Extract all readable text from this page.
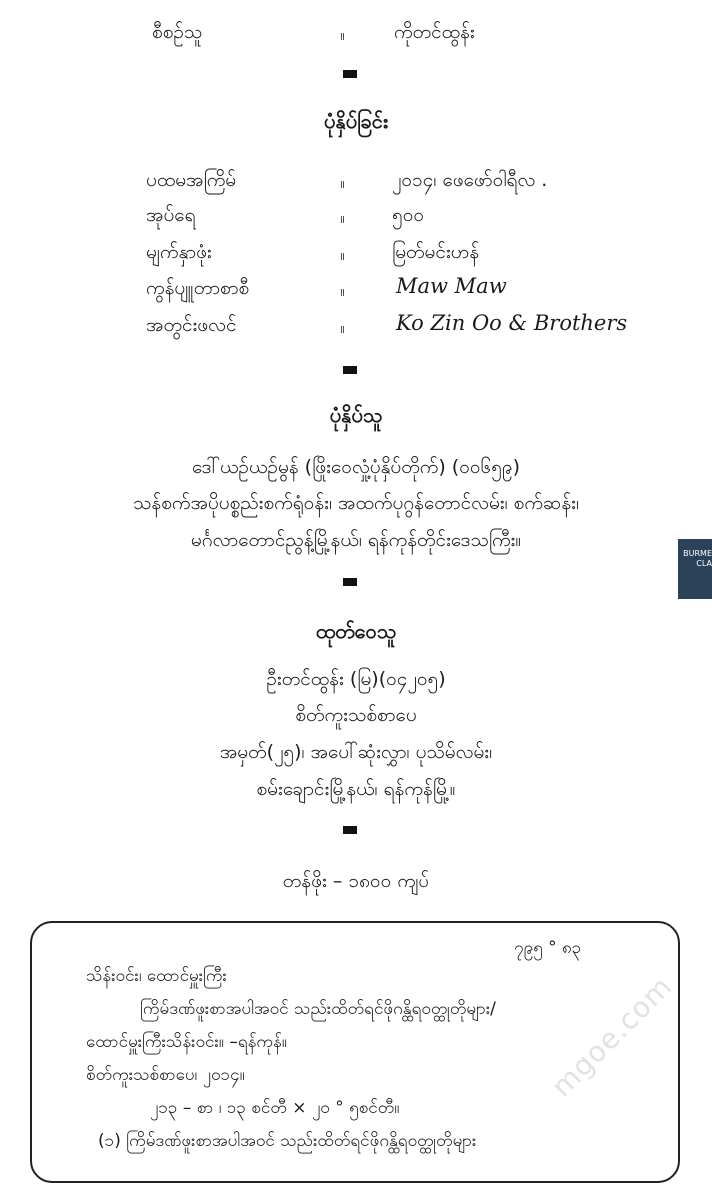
စီစဉ်သူ	။	ကိုတင်ထွန်း
ပုံနှိပ်ခြင်း
ပထမအကြိမ်	။ ၂၀၁၄၊ ဖေဖော်ဝါရီလ .
အုပ်ရေ	။ ၅၀၀
မျက်နှာဖုံး	။ မြတ်မင်းဟန်
ကွန်ပျူတာစာစီ	။ Maw Maw
အတွင်းဖလင်	။ Ko Zin Oo & Brothers
ပုံနှိပ်သူ
ဒေါ်ယဉ်ယဉ်မွန် (ဖြိုးဝေလှုံ့ပုံနှိပ်တိုက်) (၀၀၆၅၉)
သန်စက်အပိုပစ္စည်းစက်ရုံဝန်း၊ အထက်ပုဂွန်တောင်လမ်း၊ စက်ဆန်း၊
မင်္ဂလာတောင်ညွန့်မြို့နယ်၊ ရန်ကုန်တိုင်းဒေသကြီး။
ထုတ်ဝေသူ
ဦးတင်ထွန်း (မြ)(၀၄၂၀၅)
စိတ်ကူးသစ်စာပေ
အမှတ်(၂၅)၊ အပေါ်ဆုံးလွှာ၊ ပုသိမ်လမ်း၊
စမ်းချောင်းမြို့နယ်၊ ရန်ကုန်မြို့။
တန်ဖိုး – ၁၈၀၀ ကျပ်
BURME
CLA
၇၉၅ ° ၈၃
သိန်းဝင်း၊ ထောင်မှူးကြီး
ကြိမ်ဒဏ်ဖူးစာအပါအဝင် သည်းထိတ်ရင်ဖိုဂန္ထိရဝတ္ထုတိုများ/
ထောင်မှူးကြီးသိန်းဝင်း။ –ရန်ကုန်။
စိတ်ကူးသစ်စာပေ၊ ၂၀၁၄။
၂၁၃ – စာ ၊ ၁၃ စင်တီ × ၂၀ ° ၅စင်တီ။
(၁) ကြိမ်ဒဏ်ဖူးစာအပါအဝင် သည်းထိတ်ရင်ဖိုဂန္ထိရဝတ္ထုတိုများ
mgoe.com
